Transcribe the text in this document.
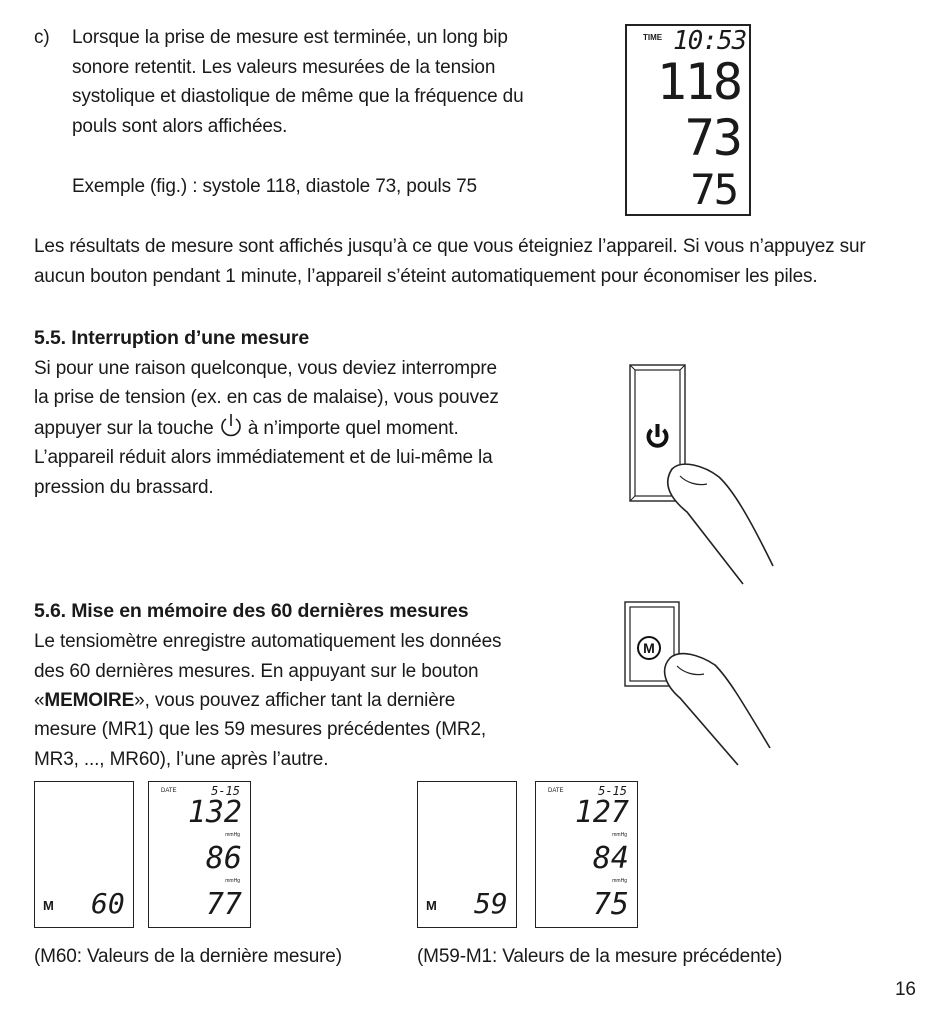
c) Lorsque la prise de mesure est terminée, un long bip
sonore retentit. Les valeurs mesurées de la tension
systolique et diastolique de même que la fréquence du
pouls sont alors affichées.

Exemple (fig.) : systole 118, diastole 73, pouls 75

TIME 10:53
118
73
75

Les résultats de mesure sont affichés jusqu’à ce que vous éteigniez l’appareil. Si vous n’appuyez sur
aucun bouton pendant 1 minute, l’appareil s’éteint automatiquement pour économiser les piles.

5.5. Interruption d’une mesure

Si pour une raison quelconque, vous deviez interrompre

la prise de tension (ex. en cas de malaise), vous pouvez

appuyer sur la touche  à n’importe quel moment.

L’appareil réduit alors immédiatement et de lui-même la
pression du brassard.

5.6. Mise en mémoire des 60 dernières mesures

Le tensiomètre enregistre automatiquement les données
des 60 dernières mesures. En appuyant sur le bouton

«MEMOIRE», vous pouvez afficher tant la dernière

mesure (MR1) que les 59 mesures précédentes (MR2,
MR3, ..., MR60), l’une après l’autre.

M
M 60
DATE	5-15
132
mmHg
86
mmHg
77

(M60: Valeurs de la dernière mesure)

M 59
DATE	5-15
127
mmHg
84
mmHg
75

(M59-M1: Valeurs de la mesure précédente)

16
